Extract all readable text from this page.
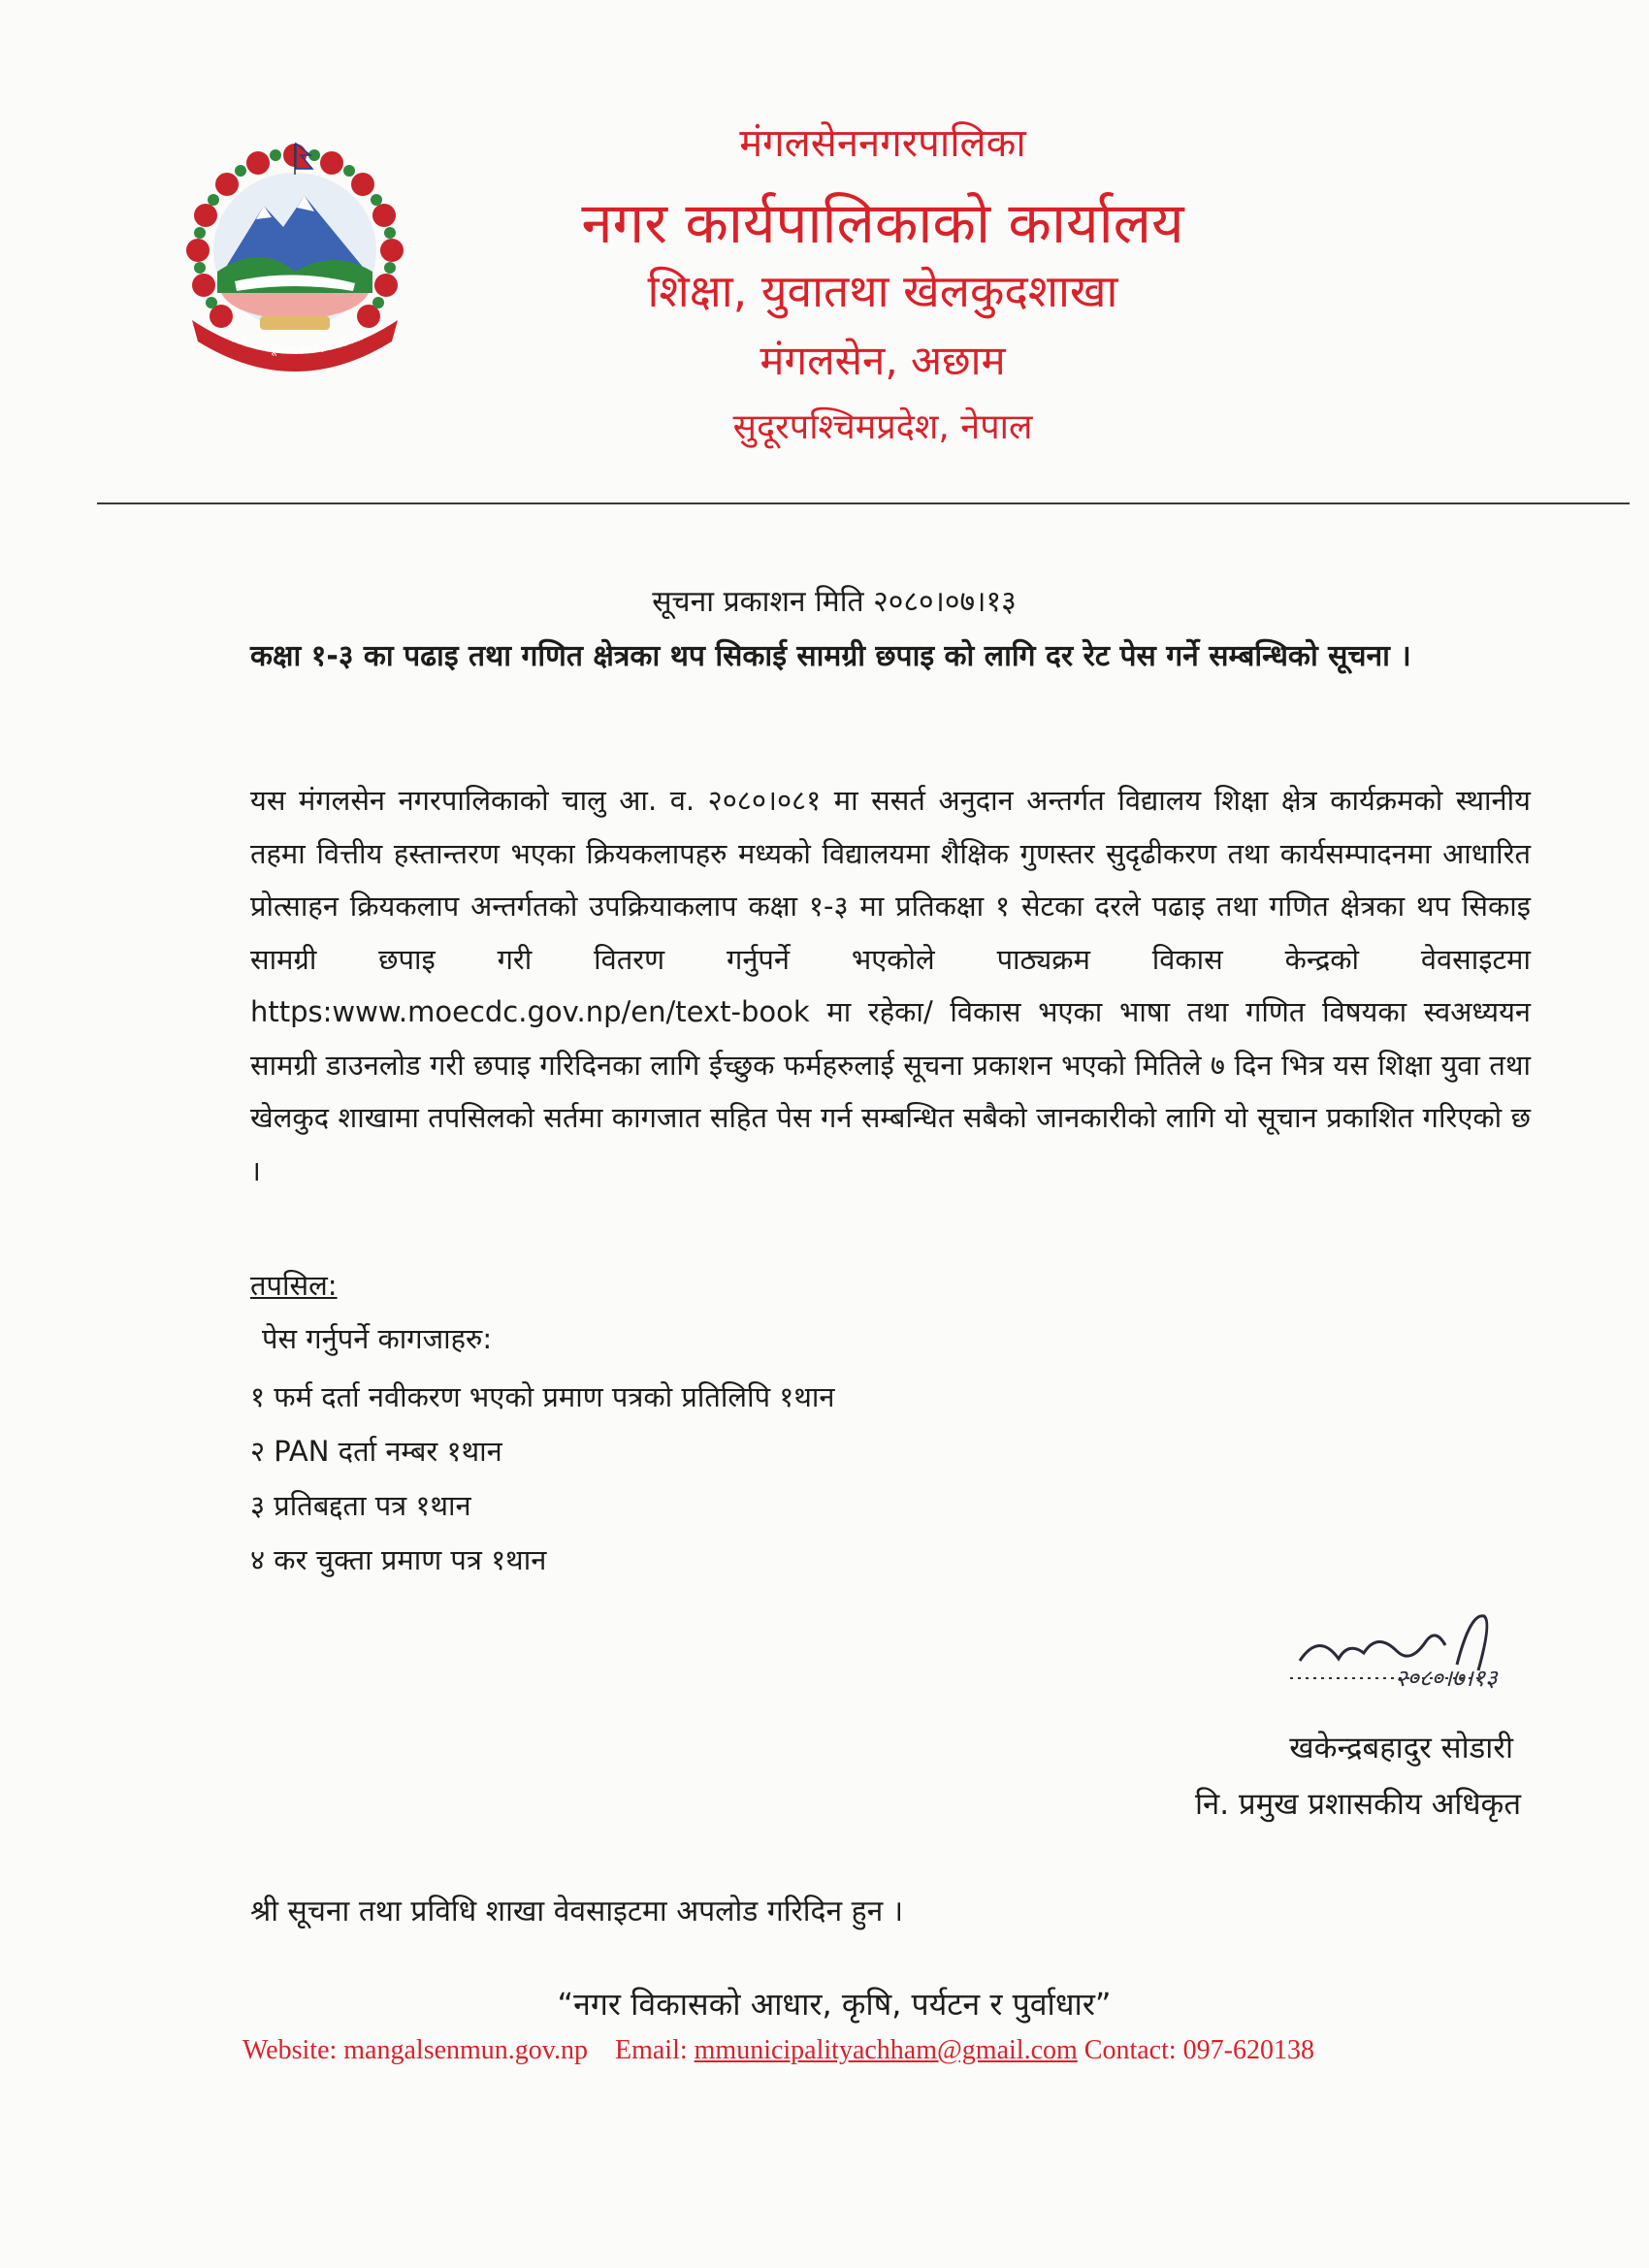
जननी जन्मभूमिश्च स्वर्गादपि गरीयसी
मंगलसेननगरपालिका
नगर कार्यपालिकाको कार्यालय
शिक्षा, युवातथा खेलकुदशाखा
मंगलसेन, अछाम
सुदूरपश्चिमप्रदेश, नेपाल
सूचना प्रकाशन मिति २०८०।०७।१३
कक्षा १-३ का पढाइ तथा गणित क्षेत्रका थप सिकाई सामग्री छपाइ को लागि दर रेट पेस गर्ने सम्बन्धिको सूचना ।
यस मंगलसेन नगरपालिकाको चालु आ. व. २०८०।०८१ मा ससर्त अनुदान अन्तर्गत विद्यालय शिक्षा क्षेत्र कार्यक्रमको स्थानीय तहमा वित्तीय हस्तान्तरण भएका क्रियकलापहरु मध्यको विद्यालयमा शैक्षिक गुणस्तर सुदृढीकरण तथा कार्यसम्पादनमा आधारित प्रोत्साहन क्रियकलाप अन्तर्गतको उपक्रियाकलाप कक्षा १-३ मा प्रतिकक्षा १ सेटका दरले पढाइ तथा गणित क्षेत्रका थप सिकाइ सामग्री छपाइ गरी वितरण गर्नुपर्ने भएकोले पाठ्यक्रम विकास केन्द्रको वेवसाइटमा https:www.moecdc.gov.np/en/text-book मा रहेका/ विकास भएका भाषा तथा गणित विषयका स्वअध्ययन सामग्री डाउनलोड गरी छपाइ गरिदिनका लागि ईच्छुक फर्महरुलाई सूचना प्रकाशन भएको मितिले ७ दिन भित्र यस शिक्षा युवा तथा खेलकुद शाखामा तपसिलको सर्तमा कागजात सहित पेस गर्न सम्बन्धित सबैको जानकारीको लागि यो सूचान प्रकाशित गरिएको छ ।
तपसिल:
पेस गर्नुपर्ने कागजाहरु:
१ फर्म दर्ता नवीकरण भएको प्रमाण पत्रको प्रतिलिपि १थान
२ PAN दर्ता नम्बर १थान
३ प्रतिबद्दता पत्र १थान
४ कर चुक्ता प्रमाण पत्र १थान
२०८०।७।१३
खकेन्द्रबहादुर सोडारी
नि. प्रमुख प्रशासकीय अधिकृत
श्री सूचना तथा प्रविधि शाखा वेवसाइटमा अपलोड गरिदिन हुन ।
“नगर विकासको आधार, कृषि, पर्यटन र पुर्वाधार”
Website: mangalsenmun.gov.np Email: mmunicipalityachham@gmail.com Contact: 097-620138
